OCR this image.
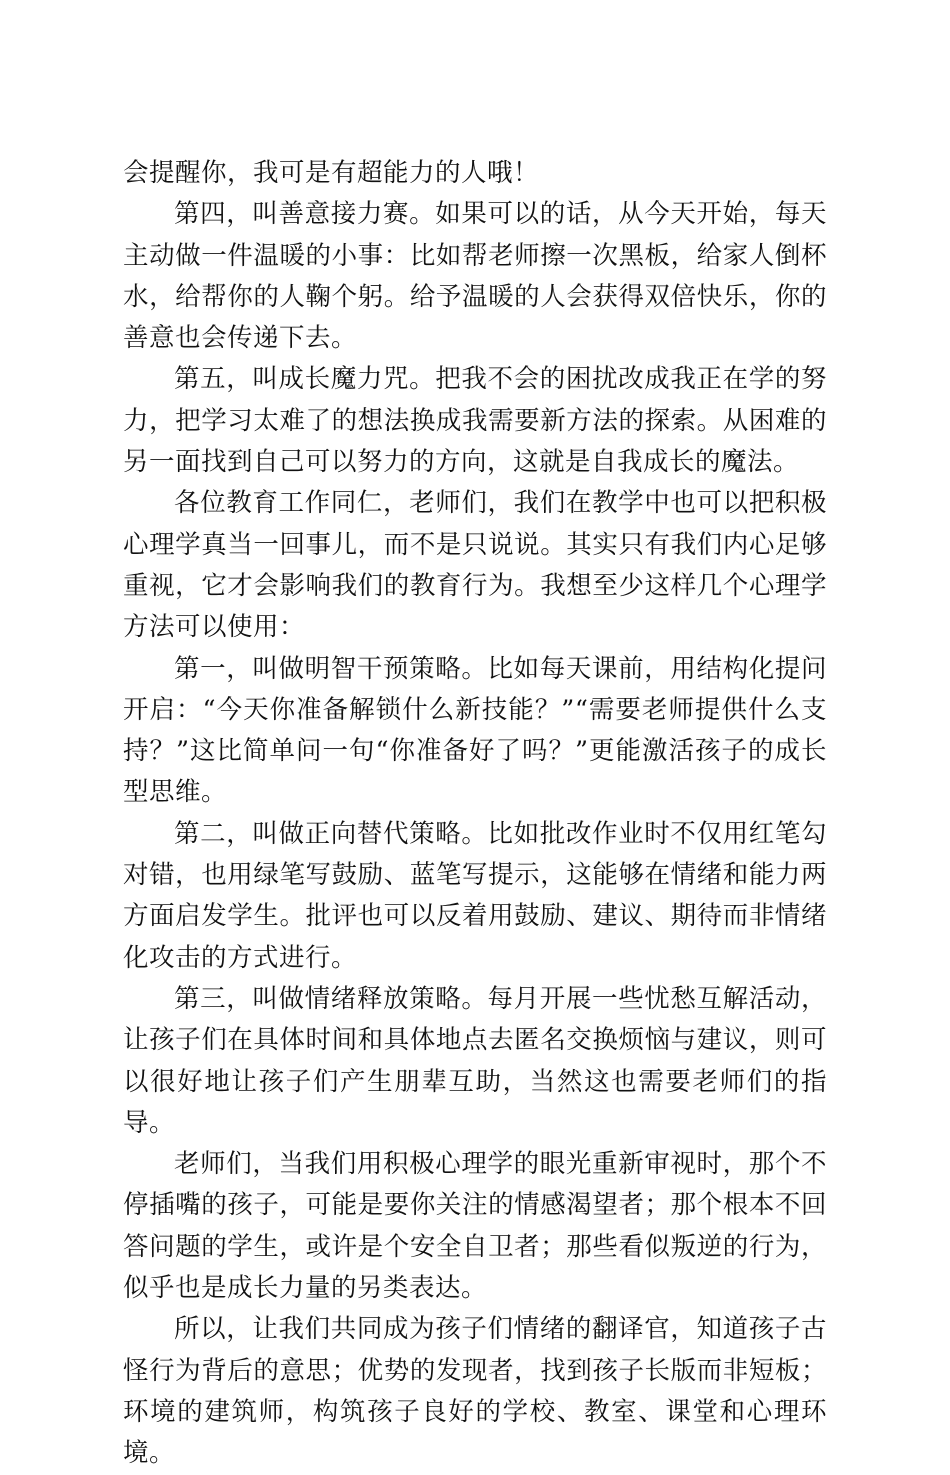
会提醒你，我可是有超能力的人哦！

第四，叫善意接力赛。如果可以的话，从今天开始，每天主动做一件温暖的小事：比如帮老师擦一次黑板，给家人倒杯水，给帮你的人鞠个躬。给予温暖的人会获得双倍快乐，你的善意也会传递下去。

第五，叫成长魔力咒。把我不会的困扰改成我正在学的努力，把学习太难了的想法换成我需要新方法的探索。从困难的另一面找到自己可以努力的方向，这就是自我成长的魔法。

各位教育工作同仁，老师们，我们在教学中也可以把积极心理学真当一回事儿，而不是只说说。其实只有我们内心足够重视，它才会影响我们的教育行为。我想至少这样几个心理学方法可以使用：

第一，叫做明智干预策略。比如每天课前，用结构化提问开启：“今天你准备解锁什么新技能？”“需要老师提供什么支持？”这比简单问一句“你准备好了吗？”更能激活孩子的成长型思维。

第二，叫做正向替代策略。比如批改作业时不仅用红笔勾对错，也用绿笔写鼓励、蓝笔写提示，这能够在情绪和能力两方面启发学生。批评也可以反着用鼓励、建议、期待而非情绪化攻击的方式进行。

第三，叫做情绪释放策略。每月开展一些忧愁互解活动，让孩子们在具体时间和具体地点去匿名交换烦恼与建议，则可以很好地让孩子们产生朋辈互助，当然这也需要老师们的指导。

老师们，当我们用积极心理学的眼光重新审视时，那个不停插嘴的孩子，可能是要你关注的情感渴望者；那个根本不回答问题的学生，或许是个安全自卫者；那些看似叛逆的行为，似乎也是成长力量的另类表达。

所以，让我们共同成为孩子们情绪的翻译官，知道孩子古怪行为背后的意思；优势的发现者，找到孩子长版而非短板；环境的建筑师，构筑孩子良好的学校、教室、课堂和心理环境。
